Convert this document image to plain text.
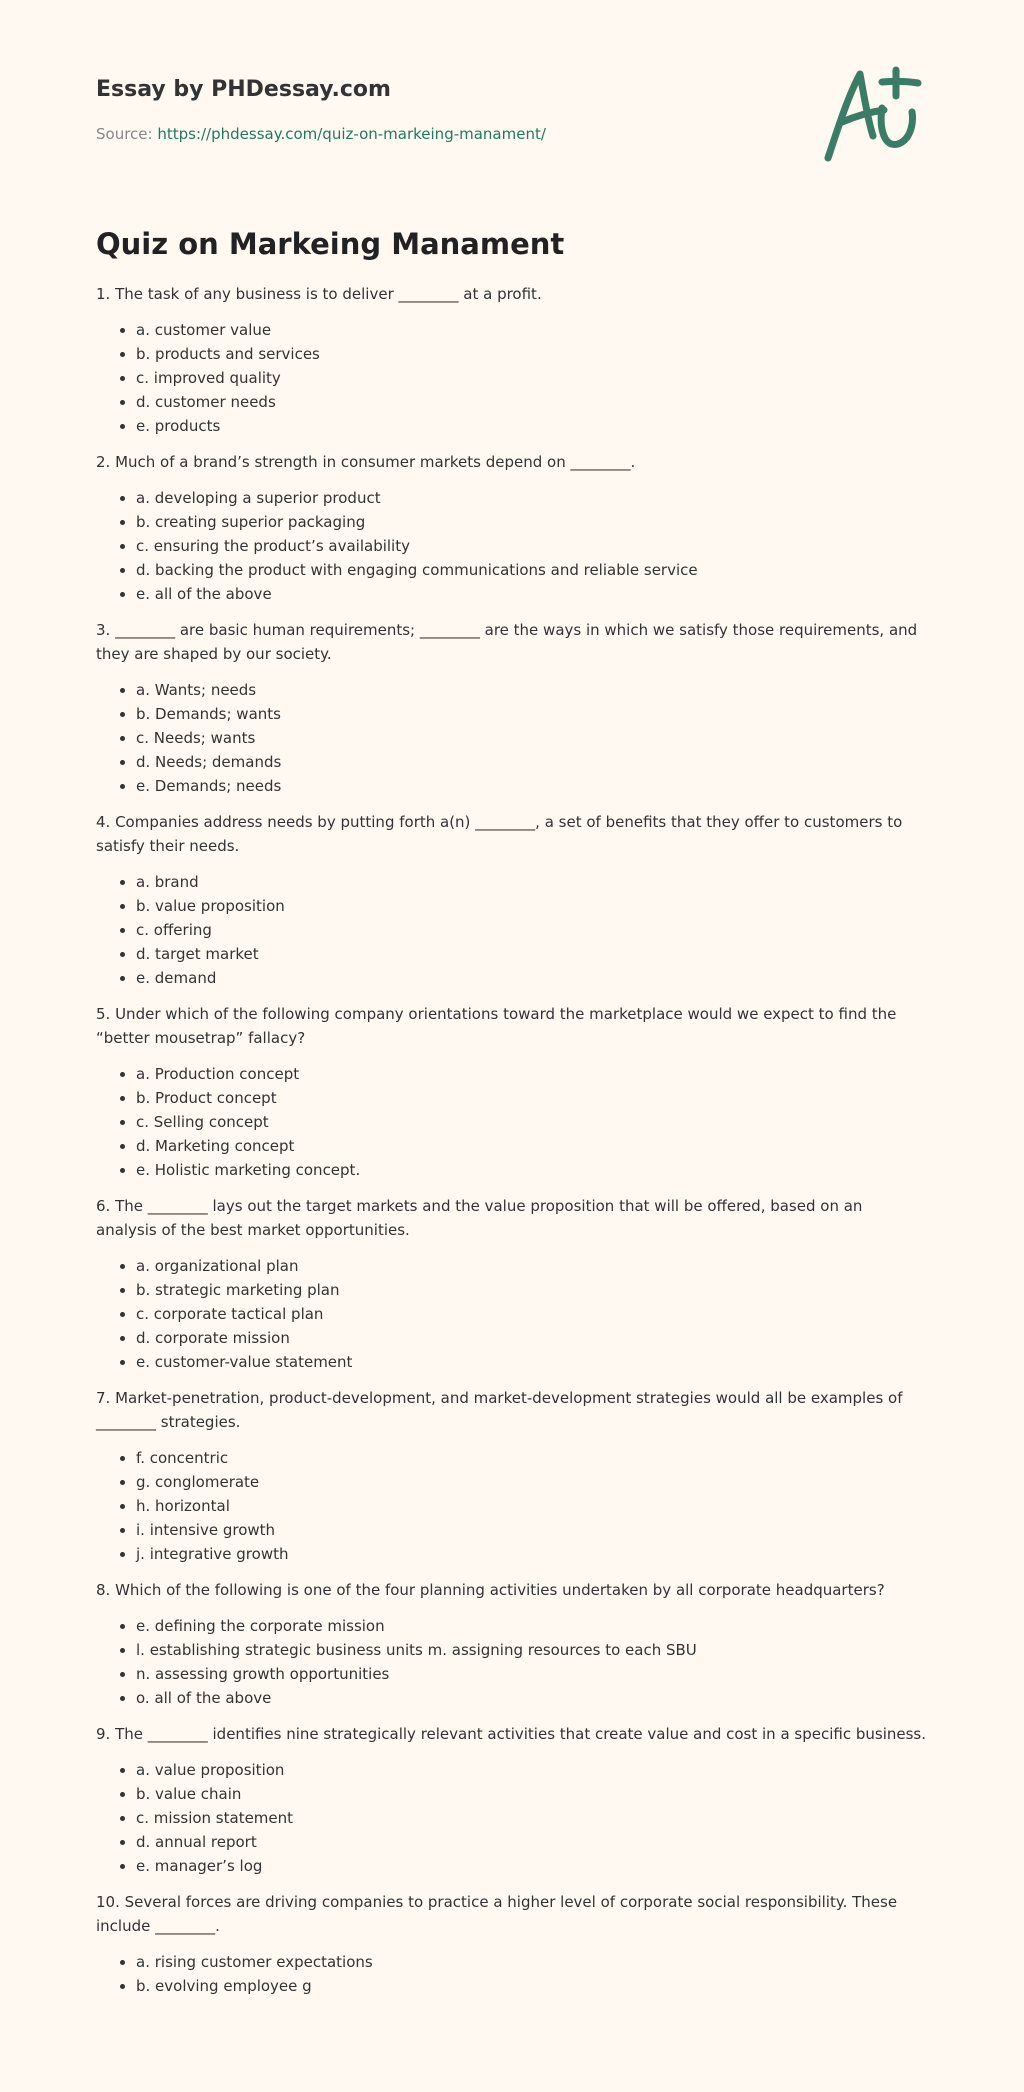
Essay by PHDessay.com
Source: https://phdessay.com/quiz-on-markeing-manament/
Quiz on Markeing Manament

1. The task of any business is to deliver ________ at a profit.

• a. customer value
• b. products and services
• c. improved quality
• d. customer needs
• e. products

2. Much of a brand’s strength in consumer markets depend on ________.

• a. developing a superior product
• b. creating superior packaging
• c. ensuring the product’s availability
• d. backing the product with engaging communications and reliable service
• e. all of the above

3. ________ are basic human requirements; ________ are the ways in which we satisfy those requirements, and they are shaped by our society.

• a. Wants; needs
• b. Demands; wants
• c. Needs; wants
• d. Needs; demands
• e. Demands; needs

4. Companies address needs by putting forth a(n) ________, a set of benefits that they offer to customers to satisfy their needs.

• a. brand
• b. value proposition
• c. offering
• d. target market
• e. demand

5. Under which of the following company orientations toward the marketplace would we expect to find the “better mousetrap” fallacy?

• a. Production concept
• b. Product concept
• c. Selling concept
• d. Marketing concept
• e. Holistic marketing concept.

6. The ________ lays out the target markets and the value proposition that will be offered, based on an analysis of the best market opportunities.

• a. organizational plan
• b. strategic marketing plan
• c. corporate tactical plan
• d. corporate mission
• e. customer-value statement

7. Market-penetration, product-development, and market-development strategies would all be examples of ________ strategies.

• f. concentric
• g. conglomerate
• h. horizontal
• i. intensive growth
• j. integrative growth

8. Which of the following is one of the four planning activities undertaken by all corporate headquarters?

• e. defining the corporate mission
• l. establishing strategic business units m. assigning resources to each SBU
• n. assessing growth opportunities
• o. all of the above

9. The ________ identifies nine strategically relevant activities that create value and cost in a specific business.

• a. value proposition
• b. value chain
• c. mission statement
• d. annual report
• e. manager’s log

10. Several forces are driving companies to practice a higher level of corporate social responsibility. These include ________.

• a. rising customer expectations
• b. evolving employee g
